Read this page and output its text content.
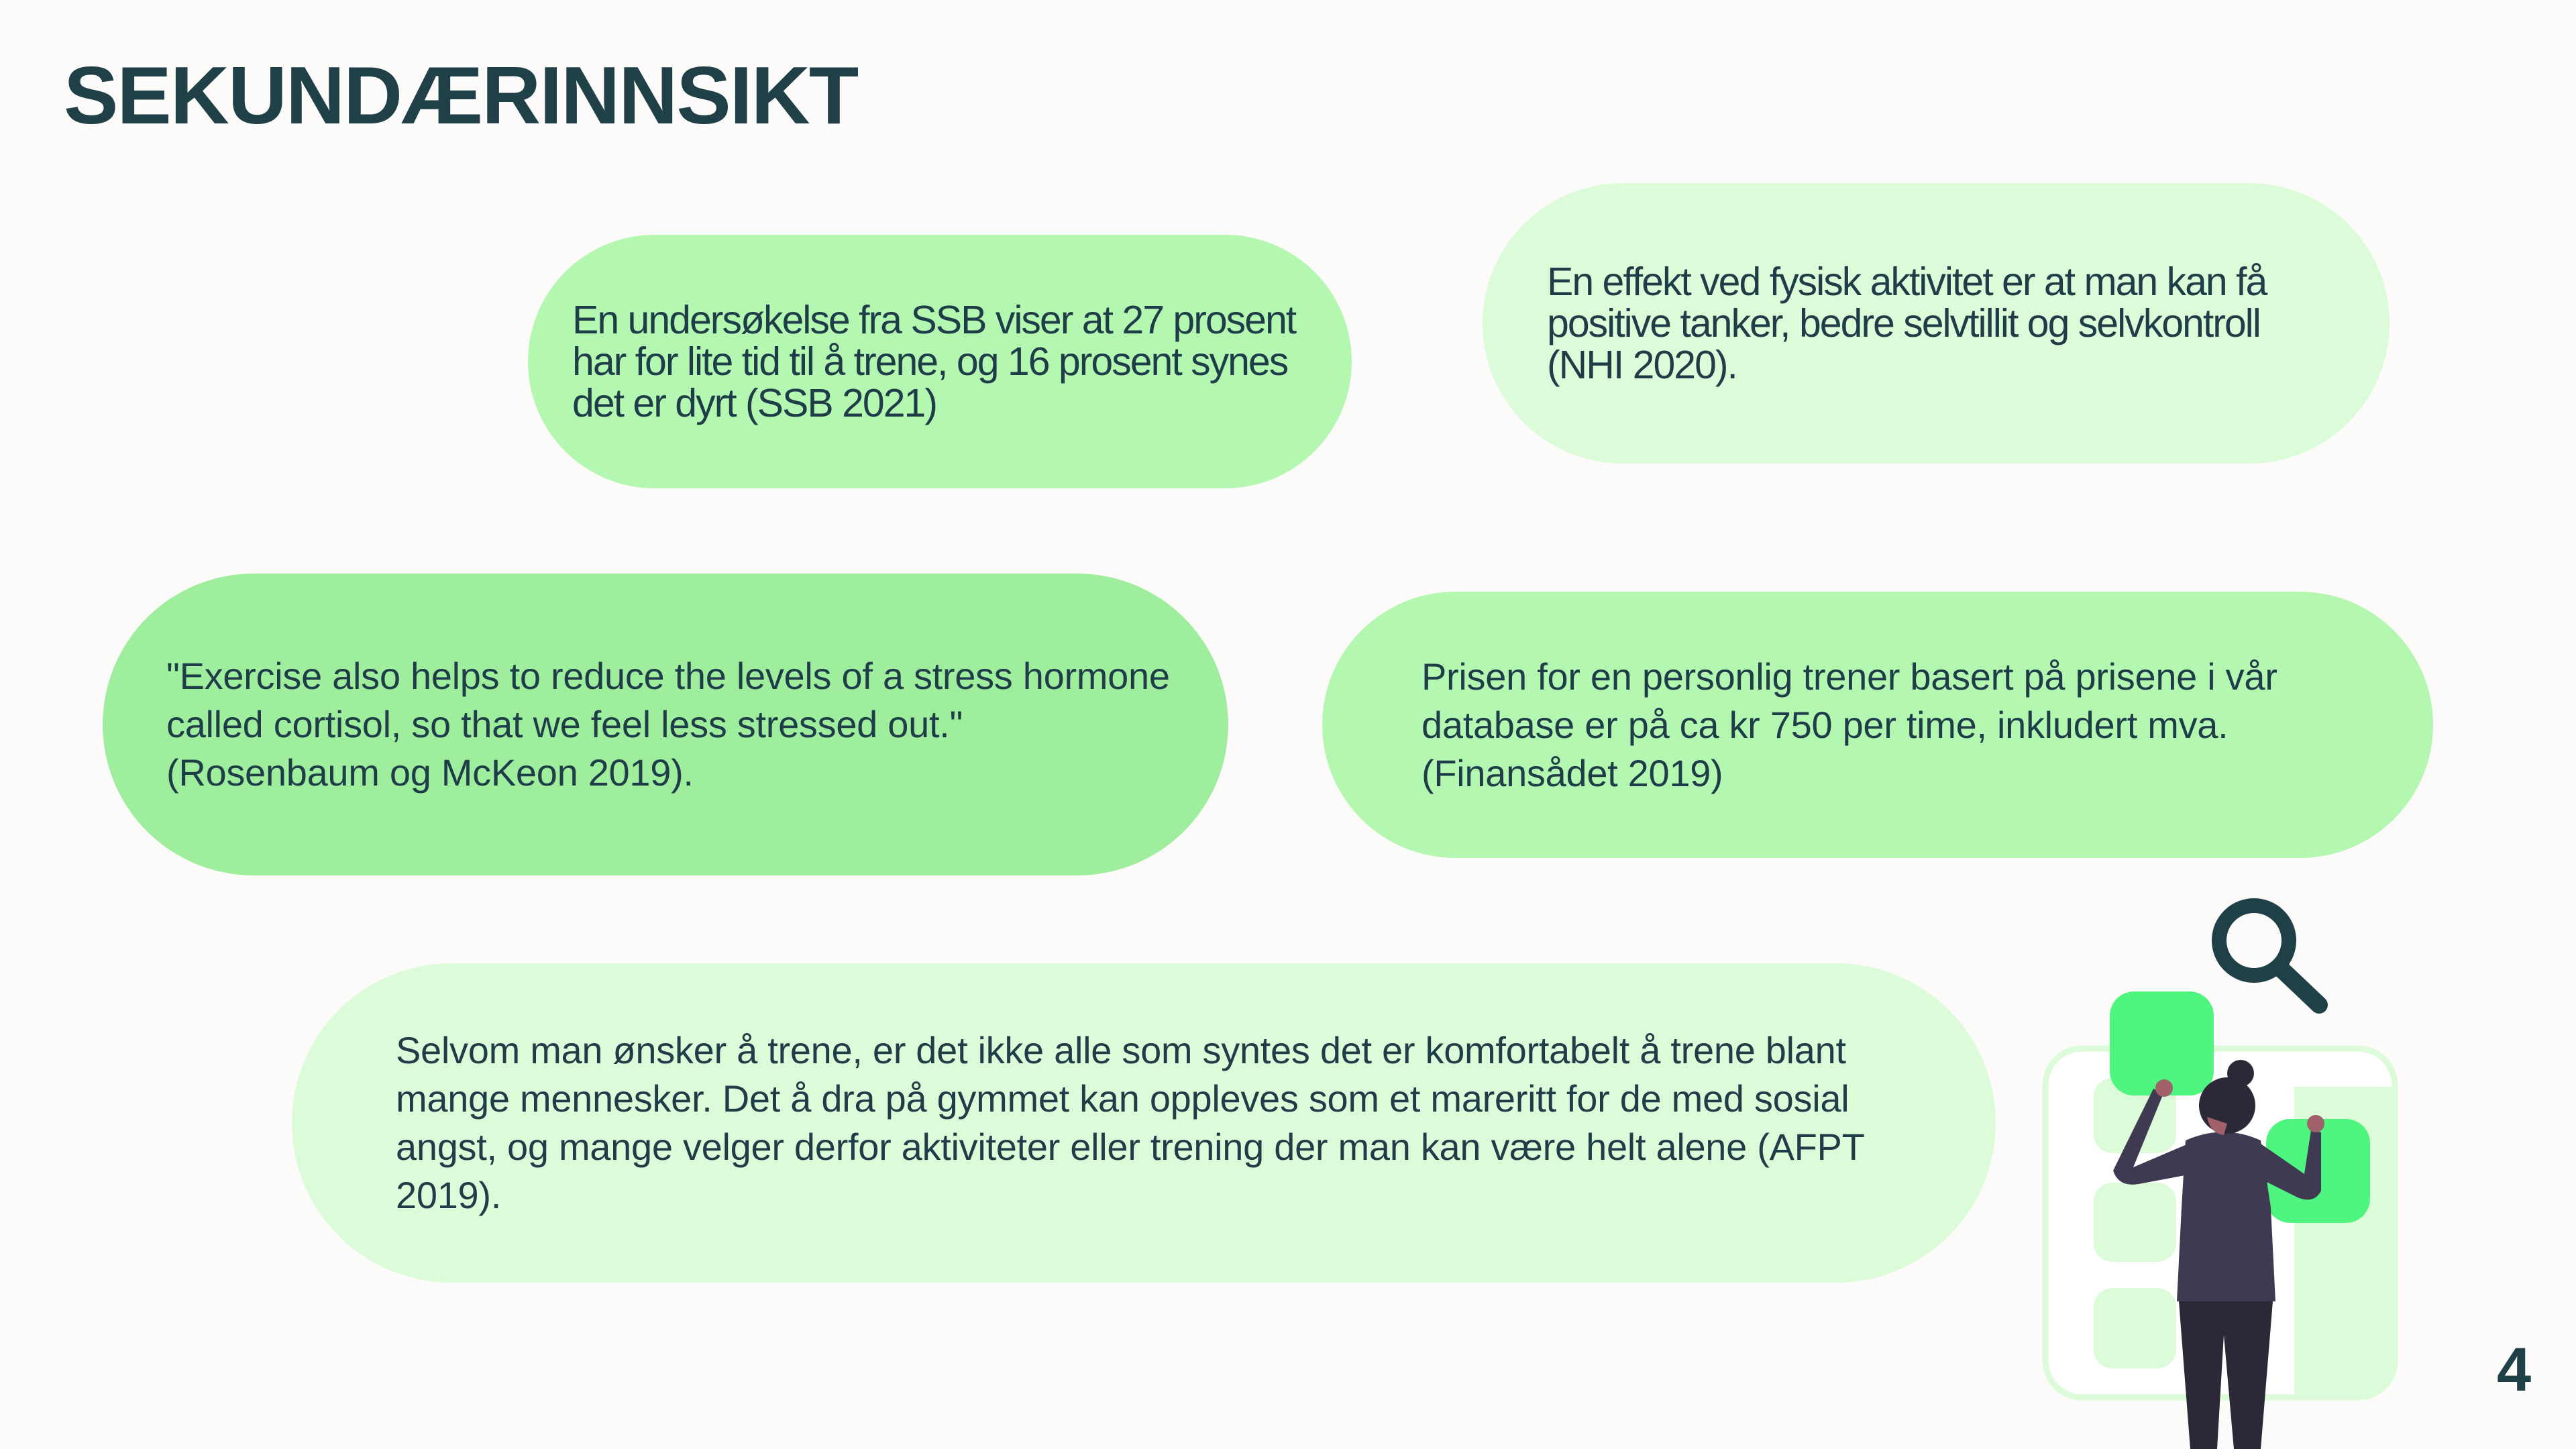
SEKUNDÆRINNSIKT

En undersøkelse fra SSB viser at 27 prosent har for lite tid til å trene, og 16 prosent synes det er dyrt (SSB 2021)

En effekt ved fysisk aktivitet er at man kan få positive tanker, bedre selvtillit og selvkontroll (NHI 2020).

"Exercise also helps to reduce the levels of a stress hormone called cortisol, so that we feel less stressed out." (Rosenbaum og McKeon 2019).

Prisen for en personlig trener basert på prisene i vår database er på ca kr 750 per time, inkludert mva. (Finansådet 2019)

Selvom man ønsker å trene, er det ikke alle som syntes det er komfortabelt å trene blant mange mennesker. Det å dra på gymmet kan oppleves som et mareritt for de med sosial angst, og mange velger derfor aktiviteter eller trening der man kan være helt alene (AFPT 2019).

4
